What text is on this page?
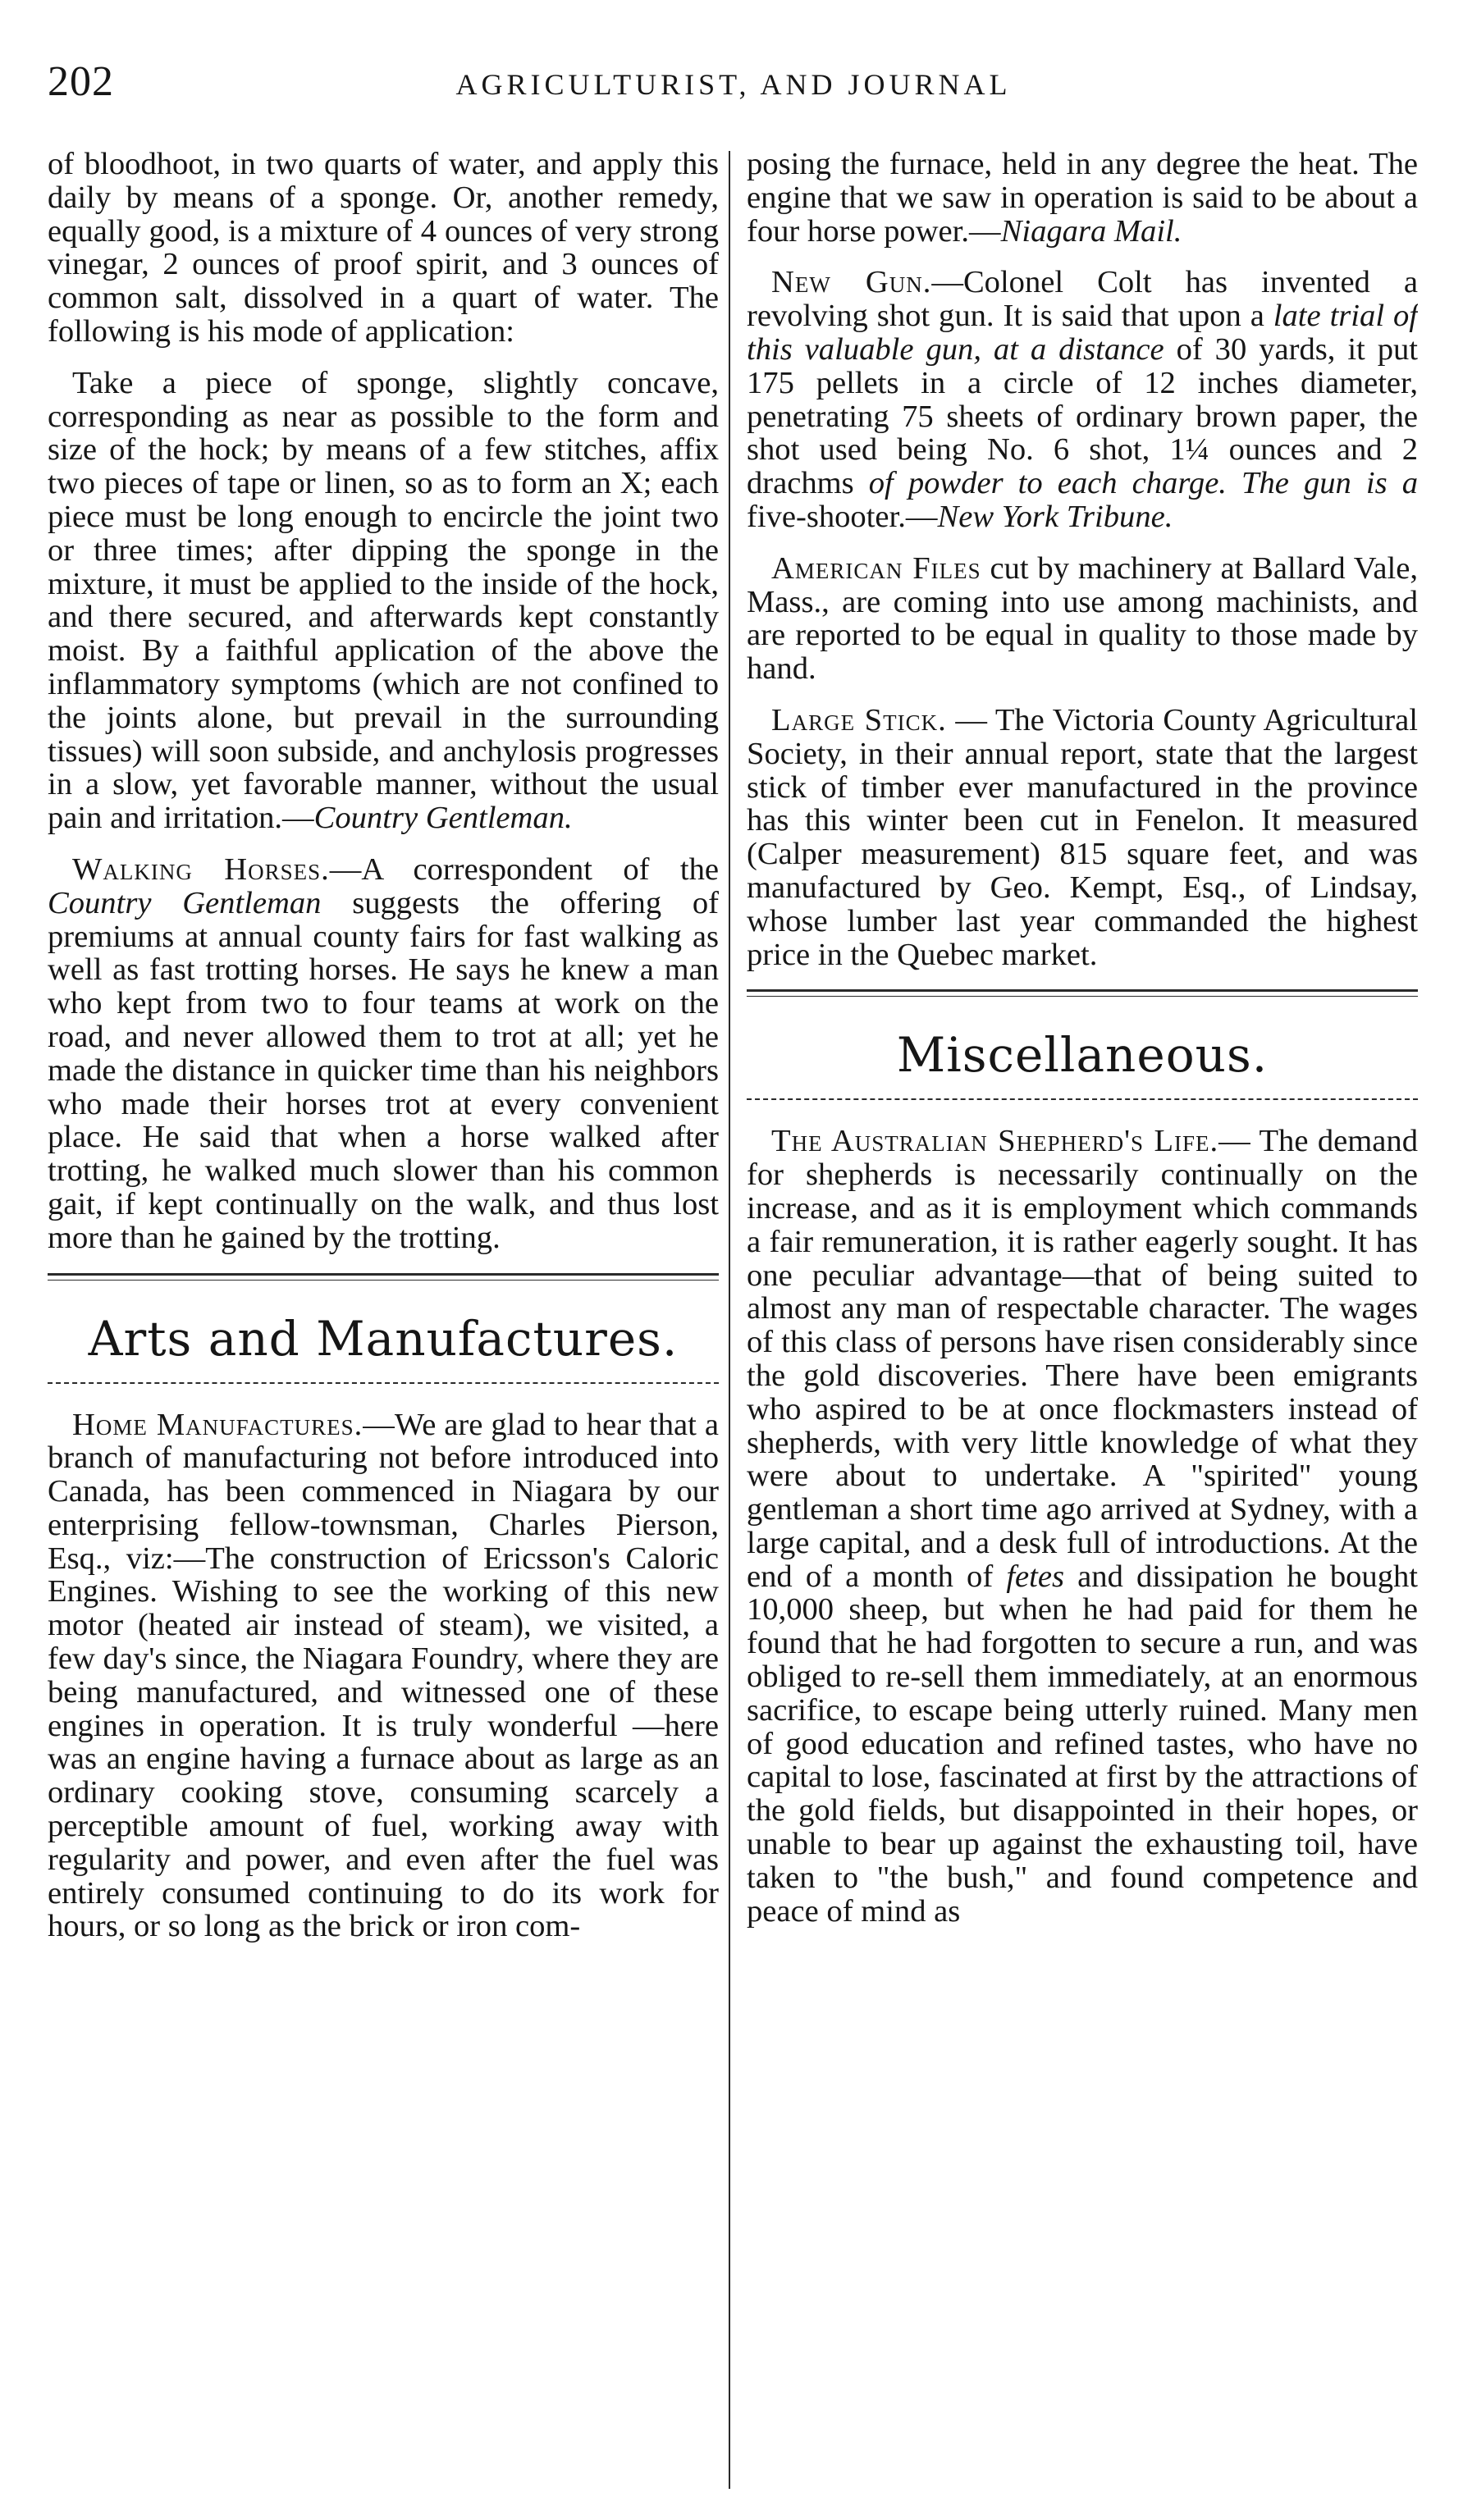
202	AGRICULTURIST, AND JOURNAL

of bloodhoot, in two quarts of water, and apply this daily by means of a sponge. Or, another remedy, equally good, is a mixture of 4 ounces of very strong vinegar, 2 ounces of proof spirit, and 3 ounces of common salt, dissolved in a quart of water. The following is his mode of application:

Take a piece of sponge, slightly concave, corresponding as near as possible to the form and size of the hock; by means of a few stitches, affix two pieces of tape or linen, so as to form an X; each piece must be long enough to encircle the joint two or three times; after dipping the sponge in the mixture, it must be applied to the inside of the hock, and there secured, and afterwards kept constantly moist. By a faithful application of the above the inflammatory symptoms (which are not confined to the joints alone, but prevail in the surrounding tissues) will soon subside, and anchylosis progresses in a slow, yet favorable manner, without the usual pain and irritation.—Country Gentleman.

Walking Horses.—A correspondent of the Country Gentleman suggests the offering of premiums at annual county fairs for fast walking as well as fast trotting horses. He says he knew a man who kept from two to four teams at work on the road, and never allowed them to trot at all; yet he made the distance in quicker time than his neighbors who made their horses trot at every convenient place. He said that when a horse walked after trotting, he walked much slower than his common gait, if kept continually on the walk, and thus lost more than he gained by the trotting.

Arts and Manufactures.

Home Manufactures.—We are glad to hear that a branch of manufacturing not before introduced into Canada, has been commenced in Niagara by our enterprising fellow-townsman, Charles Pierson, Esq., viz:—The construction of Ericsson's Caloric Engines. Wishing to see the working of this new motor (heated air instead of steam), we visited, a few day's since, the Niagara Foundry, where they are being manufactured, and witnessed one of these engines in operation. It is truly wonderful —here was an engine having a furnace about as large as an ordinary cooking stove, consuming scarcely a perceptible amount of fuel, working away with regularity and power, and even after the fuel was entirely consumed continuing to do its work for hours, or so long as the brick or iron com-

posing the furnace, held in any degree the heat. The engine that we saw in operation is said to be about a four horse power.—Niagara Mail.

New Gun.—Colonel Colt has invented a revolving shot gun. It is said that upon a late trial of this valuable gun, at a distance of 30 yards, it put 175 pellets in a circle of 12 inches diameter, penetrating 75 sheets of ordinary brown paper, the shot used being No. 6 shot, 1¼ ounces and 2 drachms of powder to each charge. The gun is a five-shooter.—New York Tribune.

American Files cut by machinery at Ballard Vale, Mass., are coming into use among machinists, and are reported to be equal in quality to those made by hand.

Large Stick. — The Victoria County Agricultural Society, in their annual report, state that the largest stick of timber ever manufactured in the province has this winter been cut in Fenelon. It measured (Calper measurement) 815 square feet, and was manufactured by Geo. Kempt, Esq., of Lindsay, whose lumber last year commanded the highest price in the Quebec market.

Miscellaneous.

The Australian Shepherd's Life.— The demand for shepherds is necessarily continually on the increase, and as it is employment which commands a fair remuneration, it is rather eagerly sought. It has one peculiar advantage—that of being suited to almost any man of respectable character. The wages of this class of persons have risen considerably since the gold discoveries. There have been emigrants who aspired to be at once flockmasters instead of shepherds, with very little knowledge of what they were about to undertake. A "spirited" young gentleman a short time ago arrived at Sydney, with a large capital, and a desk full of introductions. At the end of a month of fetes and dissipation he bought 10,000 sheep, but when he had paid for them he found that he had forgotten to secure a run, and was obliged to re-sell them immediately, at an enormous sacrifice, to escape being utterly ruined. Many men of good education and refined tastes, who have no capital to lose, fascinated at first by the attractions of the gold fields, but disappointed in their hopes, or unable to bear up against the exhausting toil, have taken to "the bush," and found competence and peace of mind as
